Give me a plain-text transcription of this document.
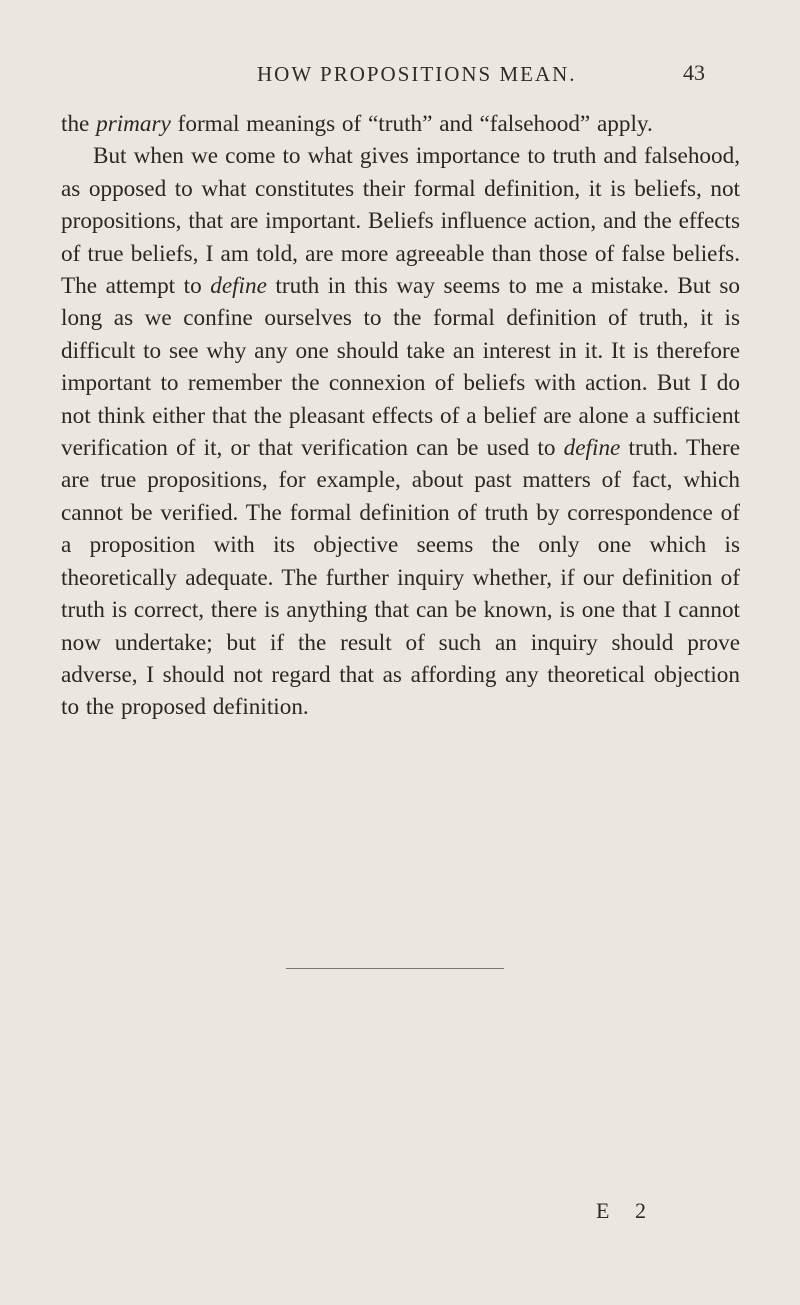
HOW PROPOSITIONS MEAN.	43

the primary formal meanings of “truth” and “falsehood” apply.

But when we come to what gives importance to truth and falsehood, as opposed to what constitutes their formal definition, it is beliefs, not propositions, that are important. Beliefs influence action, and the effects of true beliefs, I am told, are more agreeable than those of false beliefs. The attempt to define truth in this way seems to me a mistake. But so long as we confine ourselves to the formal definition of truth, it is difficult to see why any one should take an interest in it. It is therefore important to remember the connexion of beliefs with action. But I do not think either that the pleasant effects of a belief are alone a sufficient verification of it, or that verification can be used to define truth. There are true propositions, for example, about past matters of fact, which cannot be verified. The formal definition of truth by correspondence of a proposition with its objective seems the only one which is theoretically adequate. The further inquiry whether, if our definition of truth is correct, there is anything that can be known, is one that I cannot now undertake; but if the result of such an inquiry should prove adverse, I should not regard that as affording any theoretical objection to the proposed definition.

E 2
